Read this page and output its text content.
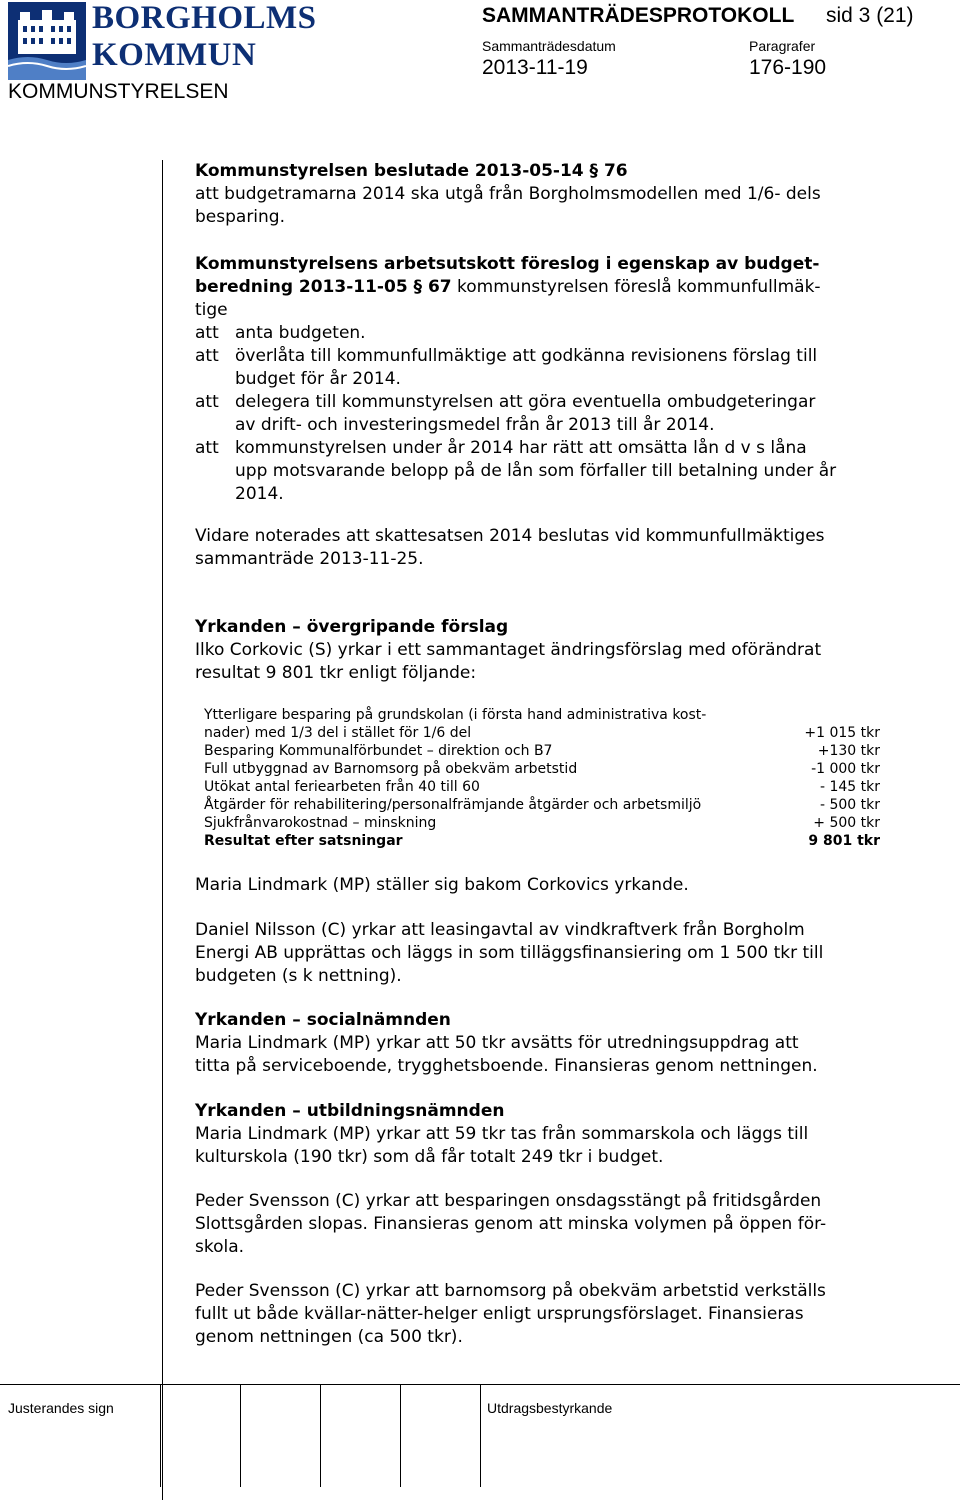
BORGHOLMS
KOMMUN
KOMMUNSTYRELSEN
SAMMANTRÄDESPROTOKOLL sid 3 (21)
Sammanträdesdatum	Paragrafer
2013-11-19	176-190
Kommunstyrelsen beslutade 2013-05-14 § 76
att budgetramarna 2014 ska utgå från Borgholmsmodellen med 1/6- dels
besparing.
Kommunstyrelsens arbetsutskott föreslog i egenskap av budget-
beredning 2013-11-05 § 67 kommunstyrelsen föreslå kommunfullmäk-
tige
att anta budgeten.
att överlåta till kommunfullmäktige att godkänna revisionens förslag till
budget för år 2014.
att delegera till kommunstyrelsen att göra eventuella ombudgeteringar
av drift- och investeringsmedel från år 2013 till år 2014.
att kommunstyrelsen under år 2014 har rätt att omsätta lån d v s låna
upp motsvarande belopp på de lån som förfaller till betalning under år
2014.
Vidare noterades att skattesatsen 2014 beslutas vid kommunfullmäktiges
sammanträde 2013-11-25.
Yrkanden – övergripande förslag
Ilko Corkovic (S) yrkar i ett sammantaget ändringsförslag med oförändrat
resultat 9 801 tkr enligt följande:
Ytterligare besparing på grundskolan (i första hand administrativa kost-
nader) med 1/3 del i stället för 1/6 del	+1 015 tkr
Besparing Kommunalförbundet – direktion och B7	+130 tkr
Full utbyggnad av Barnomsorg på obekväm arbetstid	-1 000 tkr
Utökat antal feriearbeten från 40 till 60	- 145 tkr
Åtgärder för rehabilitering/personalfrämjande åtgärder och arbetsmiljö	- 500 tkr
Sjukfrånvarokostnad – minskning	+ 500 tkr
Resultat efter satsningar	9 801 tkr
Maria Lindmark (MP) ställer sig bakom Corkovics yrkande.
Daniel Nilsson (C) yrkar att leasingavtal av vindkraftverk från Borgholm
Energi AB upprättas och läggs in som tilläggsfinansiering om 1 500 tkr till
budgeten (s k nettning).
Yrkanden – socialnämnden
Maria Lindmark (MP) yrkar att 50 tkr avsätts för utredningsuppdrag att
titta på serviceboende, trygghetsboende. Finansieras genom nettningen.
Yrkanden – utbildningsnämnden
Maria Lindmark (MP) yrkar att 59 tkr tas från sommarskola och läggs till
kulturskola (190 tkr) som då får totalt 249 tkr i budget.
Peder Svensson (C) yrkar att besparingen onsdagsstängt på fritidsgården
Slottsgården slopas. Finansieras genom att minska volymen på öppen för-
skola.
Peder Svensson (C) yrkar att barnomsorg på obekväm arbetstid verkställs
fullt ut både kvällar-nätter-helger enligt ursprungsförslaget. Finansieras
genom nettningen (ca 500 tkr).
Justerandes sign	Utdragsbestyrkande
